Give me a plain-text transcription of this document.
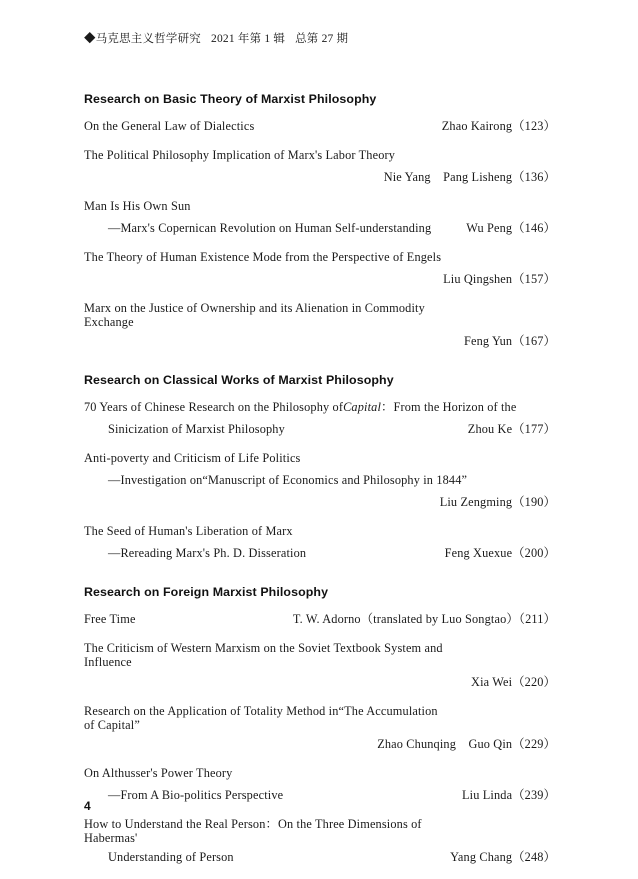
◆马克思主义哲学研究 2021 年第 1 辑 总第 27 期
Research on Basic Theory of Marxist Philosophy
On the General Law of Dialectics	Zhao Kairong（123）
The Political Philosophy Implication of Marx's Labor Theory
Nie Yang　Pang Lisheng（136）
Man Is His Own Sun
—Marx's Copernican Revolution on Human Self-understanding	Wu Peng（146）
The Theory of Human Existence Mode from the Perspective of Engels
Liu Qingshen（157）
Marx on the Justice of Ownership and its Alienation in Commodity Exchange
Feng Yun（167）
Research on Classical Works of Marxist Philosophy
70 Years of Chinese Research on the Philosophy ofCapital：From the Horizon of the
Sinicization of Marxist Philosophy	Zhou Ke（177）
Anti-poverty and Criticism of Life Politics
—Investigation on“Manuscript of Economics and Philosophy in 1844”
Liu Zengming（190）
The Seed of Human's Liberation of Marx
—Rereading Marx's Ph. D. Disseration	Feng Xuexue（200）
Research on Foreign Marxist Philosophy
Free Time	T. W. Adorno（translated by Luo Songtao）（211）
The Criticism of Western Marxism on the Soviet Textbook System and Influence
Xia Wei（220）
Research on the Application of Totality Method in“The Accumulation of Capital”
Zhao Chunqing　Guo Qin（229）
On Althusser's Power Theory
—From A Bio-politics Perspective	Liu Linda（239）
How to Understand the Real Person：On the Three Dimensions of Habermas'
Understanding of Person	Yang Chang（248）
4
